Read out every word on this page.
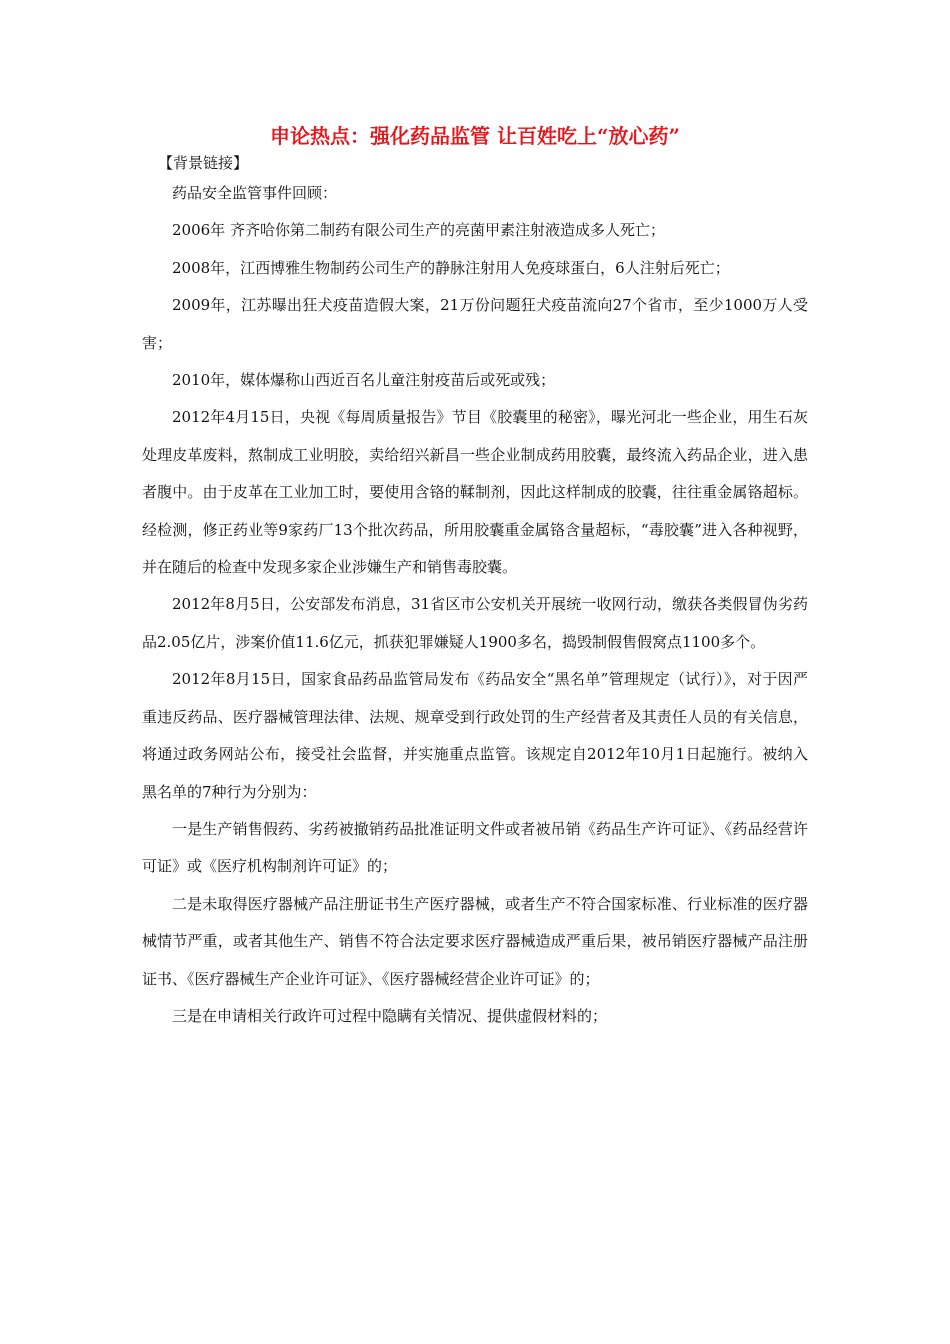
申论热点：强化药品监管 让百姓吃上“放心药”
【背景链接】

药品安全监管事件回顾：

2006年 齐齐哈你第二制药有限公司生产的亮菌甲素注射液造成多人死亡；

2008年，江西博雅生物制药公司生产的静脉注射用人免疫球蛋白，6人注射后死亡；

2009年，江苏曝出狂犬疫苗造假大案，21万份问题狂犬疫苗流向27个省市，至少1000万人受害；

2010年，媒体爆称山西近百名儿童注射疫苗后或死或残；

2012年4月15日，央视《每周质量报告》节目《胶囊里的秘密》，曝光河北一些企业，用生石灰处理皮革废料，熬制成工业明胶，卖给绍兴新昌一些企业制成药用胶囊，最终流入药品企业，进入患者腹中。由于皮革在工业加工时，要使用含铬的鞣制剂，因此这样制成的胶囊，往往重金属铬超标。经检测，修正药业等9家药厂13个批次药品，所用胶囊重金属铬含量超标，“毒胶囊”进入各种视野，并在随后的检查中发现多家企业涉嫌生产和销售毒胶囊。

2012年8月5日，公安部发布消息，31省区市公安机关开展统一收网行动，缴获各类假冒伪劣药品2.05亿片，涉案价值11.6亿元，抓获犯罪嫌疑人1900多名，捣毁制假售假窝点1100多个。

2012年8月15日，国家食品药品监管局发布《药品安全“黑名单”管理规定（试行）》，对于因严重违反药品、医疗器械管理法律、法规、规章受到行政处罚的生产经营者及其责任人员的有关信息，将通过政务网站公布，接受社会监督，并实施重点监管。该规定自2012年10月1日起施行。被纳入黑名单的7种行为分别为：

一是生产销售假药、劣药被撤销药品批准证明文件或者被吊销《药品生产许可证》、《药品经营许可证》或《医疗机构制剂许可证》的；

二是未取得医疗器械产品注册证书生产医疗器械，或者生产不符合国家标准、行业标准的医疗器械情节严重，或者其他生产、销售不符合法定要求医疗器械造成严重后果，被吊销医疗器械产品注册证书、《医疗器械生产企业许可证》、《医疗器械经营企业许可证》的；

三是在申请相关行政许可过程中隐瞒有关情况、提供虚假材料的；
